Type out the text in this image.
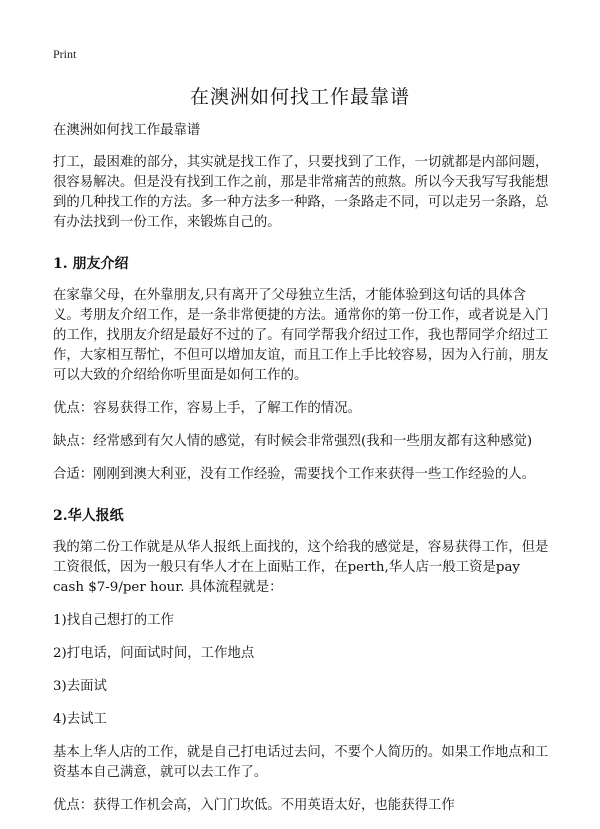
Print
在澳洲如何找工作最靠谱

在澳洲如何找工作最靠谱

打工，最困难的部分，其实就是找工作了，只要找到了工作，一切就都是内部问题，很容易解决。但是没有找到工作之前，那是非常痛苦的煎熬。所以今天我写写我能想到的几种找工作的方法。多一种方法多一种路，一条路走不同，可以走另一条路，总有办法找到一份工作，来锻炼自己的。

1. 朋友介绍

在家靠父母，在外靠朋友,只有离开了父母独立生活，才能体验到这句话的具体含义。考朋友介绍工作，是一条非常便捷的方法。通常你的第一份工作，或者说是入门的工作，找朋友介绍是最好不过的了。有同学帮我介绍过工作，我也帮同学介绍过工作，大家相互帮忙，不但可以增加友谊，而且工作上手比较容易，因为入行前，朋友可以大致的介绍给你听里面是如何工作的。

优点：容易获得工作，容易上手，了解工作的情况。

缺点：经常感到有欠人情的感觉，有时候会非常强烈(我和一些朋友都有这种感觉)

合适：刚刚到澳大利亚，没有工作经验，需要找个工作来获得一些工作经验的人。

2.华人报纸

我的第二份工作就是从华人报纸上面找的，这个给我的感觉是，容易获得工作，但是工资很低，因为一般只有华人才在上面贴工作，在perth,华人店一般工资是pay cash $7-9/per hour. 具体流程就是：

1)找自己想打的工作

2)打电话，问面试时间，工作地点

3)去面试

4)去试工

基本上华人店的工作，就是自己打电话过去问，不要个人简历的。如果工作地点和工资基本自己满意，就可以去工作了。

优点：获得工作机会高，入门门坎低。不用英语太好，也能获得工作
